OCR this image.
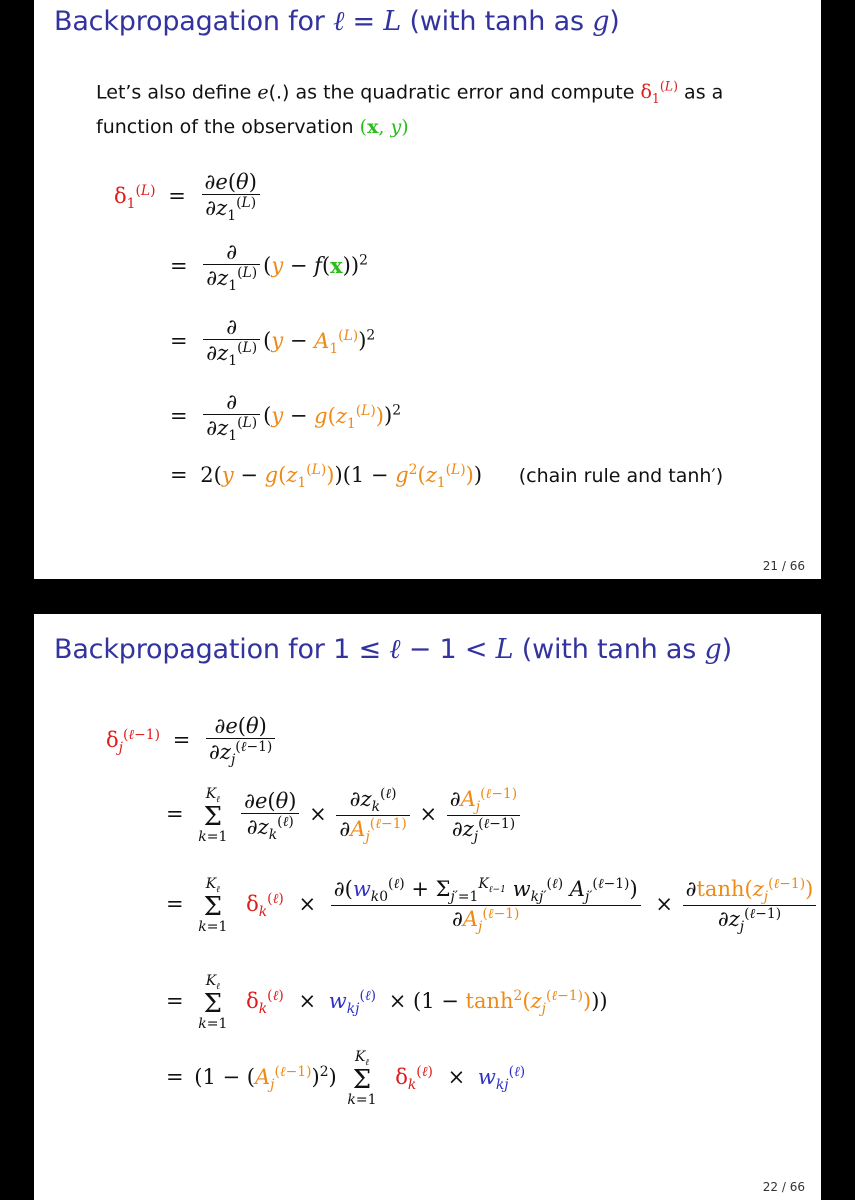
Backpropagation for ℓ = L (with tanh as g)
Let’s also define e(.) as the quadratic error and compute $\delta_1^{(L)}$ as a
function of the observation (x, y)
$\delta_1^{(L)} = \frac{\partial e(\theta)}{\partial z_1^{(L)}}$
= $\frac{\partial}{\partial z_1^{(L)}} (y - f(x))^2$
= $\frac{\partial}{\partial z_1^{(L)}} (y - A_1^{(L)})^2$
= $\frac{\partial}{\partial z_1^{(L)}} (y - g(z_1^{(L)}))^2$
= $2(y - g(z_1^{(L)}))(1 - g^2(z_1^{(L)}))$ (chain rule and tanh′)
21 / 66
Backpropagation for 1 ≤ ℓ − 1 < L (with tanh as g)
$\delta_j^{(\ell-1)} = \frac{\partial e(\theta)}{\partial z_j^{(\ell-1)}}$
=
$K_\ell$
Σ
k=1
$\frac{\partial e(\theta)}{\partial z_k^{(\ell)}} \times \frac{\partial z_k^{(\ell)}}{\partial A_j^{(\ell-1)}} \times \frac{\partial A_j^{(\ell-1)}}{\partial z_j^{(\ell-1)}}$
=
$K_\ell$
Σ
k=1
$\delta_k^{(\ell)} \times \frac{\partial(w_{k0}^{(\ell)} + \Sigma_{j'=1}^{K_{\ell-1}} w_{kj'}^{(\ell)} A_{j'}^{(\ell-1)})}{\partial A_j^{(\ell-1)}} \times \frac{\partial\tanh(z_j^{(\ell-1)})}{\partial z_j^{(\ell-1)}}$
=
$K_\ell$
Σ
k=1
$\delta_k^{(\ell)} \times w_{kj}^{(\ell)} \times (1 - \tanh^2(z_j^{(\ell-1)}))$)
= $(1 - (A_j^{(\ell-1)})^2)$
$K_\ell$
Σ
k=1
$\delta_k^{(\ell)} \times w_{kj}^{(\ell)}$
22 / 66
